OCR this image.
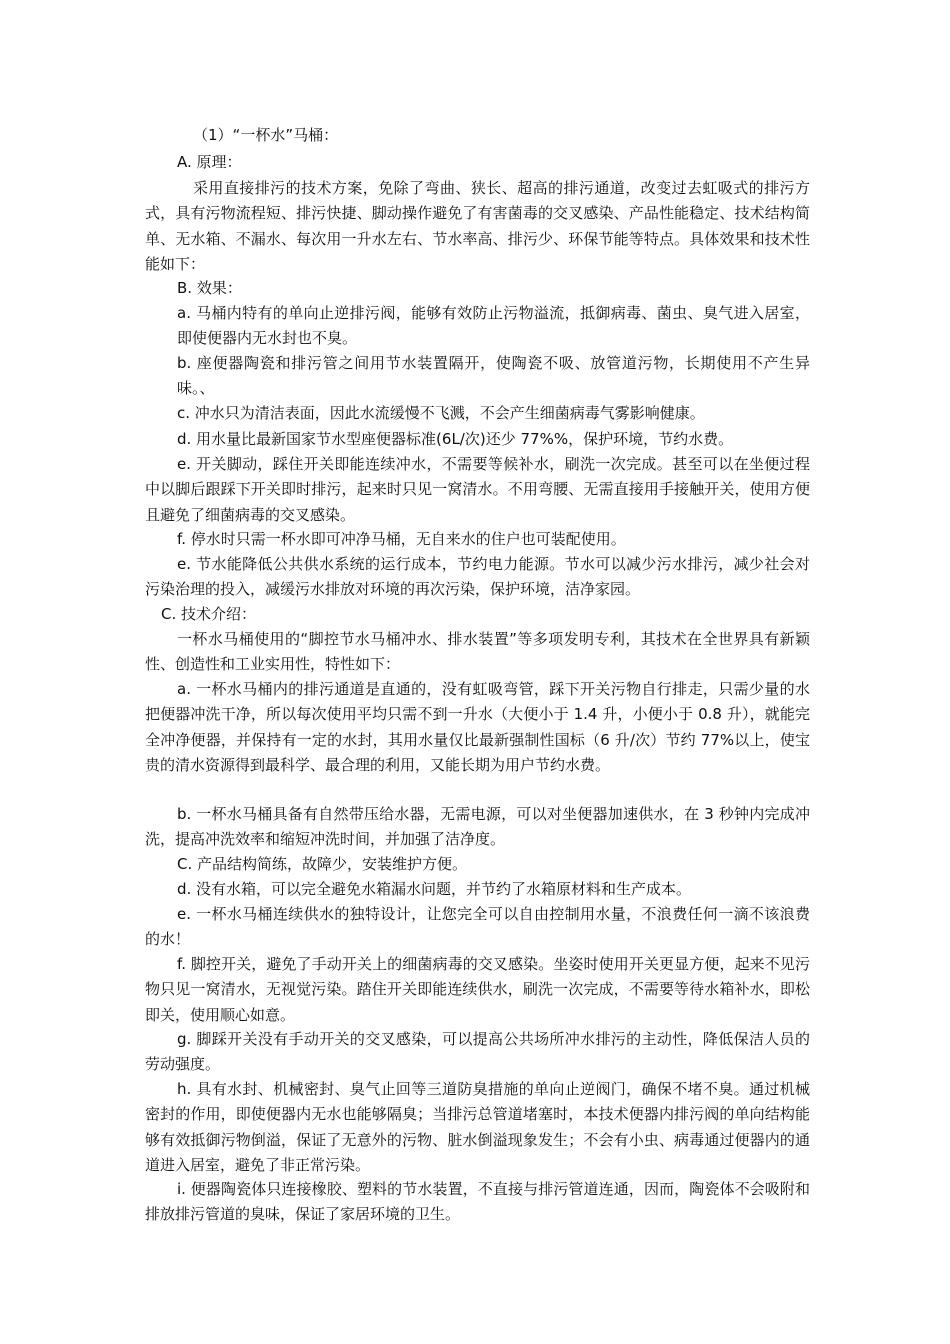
（1）“一杯水”马桶：

A. 原理：

采用直接排污的技术方案，免除了弯曲、狭长、超高的排污通道，改变过去虹吸式的排污方式，具有污物流程短、排污快捷、脚动操作避免了有害菌毒的交叉感染、产品性能稳定、技术结构简单、无水箱、不漏水、每次用一升水左右、节水率高、排污少、环保节能等特点。具体效果和技术性能如下：

B. 效果：

a. 马桶内特有的单向止逆排污阀，能够有效防止污物溢流，抵御病毒、菌虫、臭气进入居室，即使便器内无水封也不臭。

b. 座便器陶瓷和排污管之间用节水装置隔开，使陶瓷不吸、放管道污物，长期使用不产生异味。、

c. 冲水只为清洁表面，因此水流缓慢不飞溅，不会产生细菌病毒气雾影响健康。

d. 用水量比最新国家节水型座便器标准(6L/次)还少 77%%，保护环境，节约水费。

e. 开关脚动，踩住开关即能连续冲水，不需要等候补水，刷洗一次完成。甚至可以在坐便过程中以脚后跟踩下开关即时排污，起来时只见一窝清水。不用弯腰、无需直接用手接触开关，使用方便且避免了细菌病毒的交叉感染。

f. 停水时只需一杯水即可冲净马桶，无自来水的住户也可装配使用。

e. 节水能降低公共供水系统的运行成本，节约电力能源。节水可以减少污水排污，减少社会对污染治理的投入，减缓污水排放对环境的再次污染，保护环境，洁净家园。

C. 技术介绍：

一杯水马桶使用的“脚控节水马桶冲水、排水装置”等多项发明专利，其技术在全世界具有新颖性、创造性和工业实用性，特性如下：

a. 一杯水马桶内的排污通道是直通的，没有虹吸弯管，踩下开关污物自行排走，只需少量的水把便器冲洗干净，所以每次使用平均只需不到一升水（大便小于 1.4 升，小便小于 0.8 升），就能完全冲净便器，并保持有一定的水封，其用水量仅比最新强制性国标（6 升/次）节约 77%以上，使宝贵的清水资源得到最科学、最合理的利用，又能长期为用户节约水费。

b. 一杯水马桶具备有自然带压给水器，无需电源，可以对坐便器加速供水，在 3 秒钟内完成冲洗，提高冲洗效率和缩短冲洗时间，并加强了洁净度。

C. 产品结构简练，故障少，安装维护方便。

d. 没有水箱，可以完全避免水箱漏水问题，并节约了水箱原材料和生产成本。

e. 一杯水马桶连续供水的独特设计，让您完全可以自由控制用水量，不浪费任何一滴不该浪费的水！

f. 脚控开关，避免了手动开关上的细菌病毒的交叉感染。坐姿时使用开关更显方便，起来不见污物只见一窝清水，无视觉污染。踏住开关即能连续供水，刷洗一次完成，不需要等待水箱补水，即松即关，使用顺心如意。

g. 脚踩开关没有手动开关的交叉感染，可以提高公共场所冲水排污的主动性，降低保洁人员的劳动强度。

h. 具有水封、机械密封、臭气止回等三道防臭措施的单向止逆阀门，确保不堵不臭。通过机械密封的作用，即使便器内无水也能够隔臭；当排污总管道堵塞时，本技术便器内排污阀的单向结构能够有效抵御污物倒溢，保证了无意外的污物、脏水倒溢现象发生；不会有小虫、病毒通过便器内的通道进入居室，避免了非正常污染。

i. 便器陶瓷体只连接橡胶、塑料的节水装置，不直接与排污管道连通，因而，陶瓷体不会吸附和排放排污管道的臭味，保证了家居环境的卫生。
